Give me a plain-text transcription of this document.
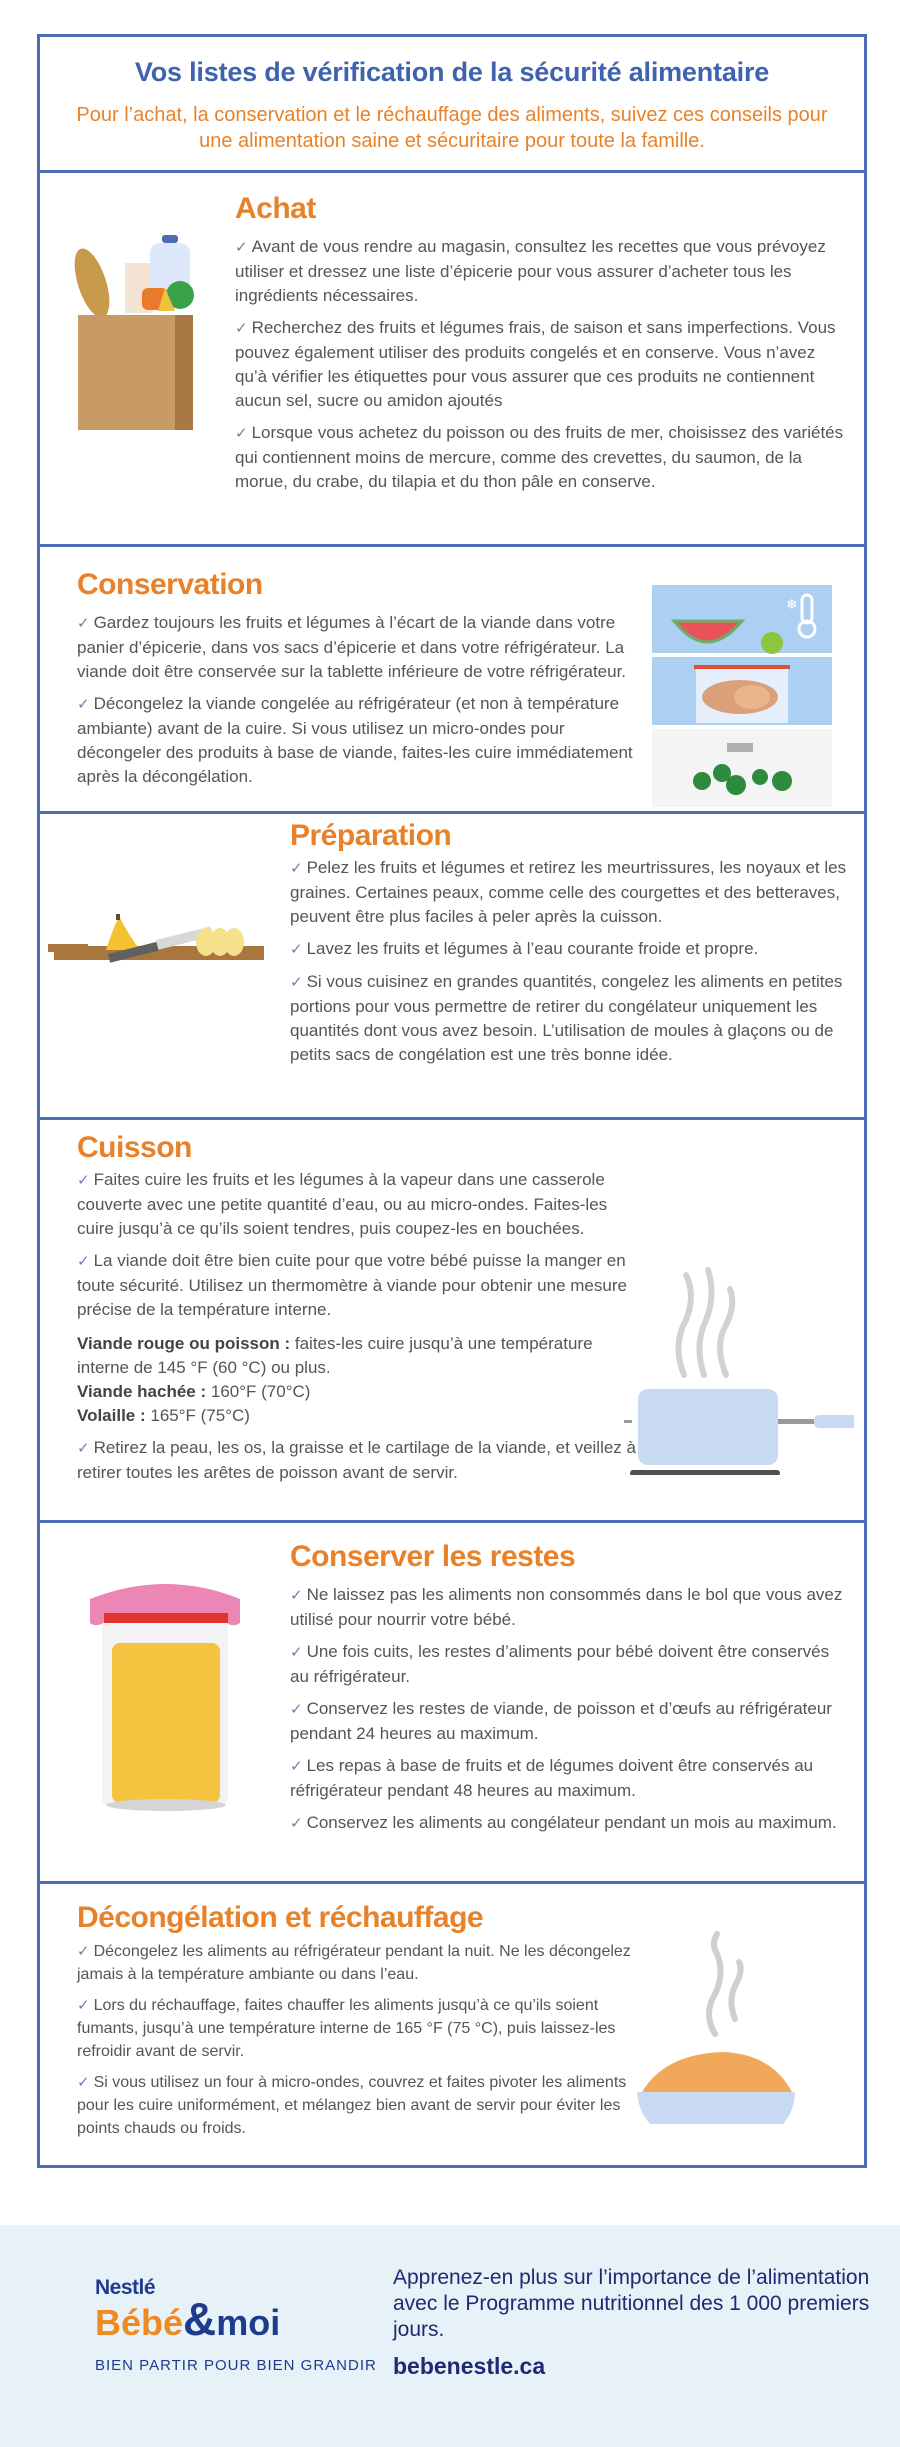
Vos listes de vérification de la sécurité alimentaire

Pour l’achat, la conservation et le réchauffage des aliments, suivez ces conseils pour une alimentation saine et sécuritaire pour toute la famille.

Achat
✓ Avant de vous rendre au magasin, consultez les recettes que vous prévoyez utiliser et dressez une liste d’épicerie pour vous assurer d’acheter tous les ingrédients nécessaires.
✓ Recherchez des fruits et légumes frais, de saison et sans imperfections. Vous pouvez également utiliser des produits congelés et en conserve. Vous n’avez qu’à vérifier les étiquettes pour vous assurer que ces produits ne contiennent aucun sel, sucre ou amidon ajoutés
✓ Lorsque vous achetez du poisson ou des fruits de mer, choisissez des variétés qui contiennent moins de mercure, comme des crevettes, du saumon, de la morue, du crabe, du tilapia et du thon pâle en conserve.
Conservation
✓ Gardez toujours les fruits et légumes à l’écart de la viande dans votre panier d’épicerie, dans vos sacs d’épicerie et dans votre réfrigérateur. La viande doit être conservée sur la tablette inférieure de votre réfrigérateur.
✓ Décongelez la viande congelée au réfrigérateur (et non à température ambiante) avant de la cuire. Si vous utilisez un micro-ondes pour décongeler des produits à base de viande, faites-les cuire immédiatement après la décongélation.
❄
Préparation
✓ Pelez les fruits et légumes et retirez les meurtrissures, les noyaux et les graines. Certaines peaux, comme celle des courgettes et des betteraves, peuvent être plus faciles à peler après la cuisson.
✓ Lavez les fruits et légumes à l’eau courante froide et propre.
✓ Si vous cuisinez en grandes quantités, congelez les aliments en petites portions pour vous permettre de retirer du congélateur uniquement les quantités dont vous avez besoin. L’utilisation de moules à glaçons ou de petits sacs de congélation est une très bonne idée.
Cuisson
✓ Faites cuire les fruits et les légumes à la vapeur dans une casserole couverte avec une petite quantité d’eau, ou au micro-ondes. Faites-les cuire jusqu’à ce qu’ils soient tendres, puis coupez-les en bouchées.
✓ La viande doit être bien cuite pour que votre bébé puisse la manger en toute sécurité. Utilisez un thermomètre à viande pour obtenir une mesure précise de la température interne.
Viande rouge ou poisson : faites-les cuire jusqu’à une température interne de 145 °F (60 °C) ou plus.
Viande hachée : 160°F (70°C)
Volaille : 165°F (75°C)
✓ Retirez la peau, les os, la graisse et le cartilage de la viande, et veillez à retirer toutes les arêtes de poisson avant de servir.
Conserver les restes
✓ Ne laissez pas les aliments non consommés dans le bol que vous avez utilisé pour nourrir votre bébé.
✓ Une fois cuits, les restes d’aliments pour bébé doivent être conservés au réfrigérateur.
✓ Conservez les restes de viande, de poisson et d’œufs au réfrigérateur pendant 24 heures au maximum.
✓ Les repas à base de fruits et de légumes doivent être conservés au réfrigérateur pendant 48 heures au maximum.
✓ Conservez les aliments au congélateur pendant un mois au maximum.
Décongélation et réchauffage
✓ Décongelez les aliments au réfrigérateur pendant la nuit. Ne les décongelez jamais à la température ambiante ou dans l’eau.
✓ Lors du réchauffage, faites chauffer les aliments jusqu’à ce qu’ils soient fumants, jusqu’à une température interne de 165 °F (75 °C), puis laissez-les refroidir avant de servir.
✓ Si vous utilisez un four à micro-ondes, couvrez et faites pivoter les aliments pour les cuire uniformément, et mélangez bien avant de servir pour éviter les points chauds ou froids.
Nestlé
Bébé&moi
BIEN PARTIR POUR BIEN GRANDIR

Apprenez-en plus sur l’importance de l’alimentation avec le Programme nutritionnel des 1 000 premiers jours.

bebenestle.ca
